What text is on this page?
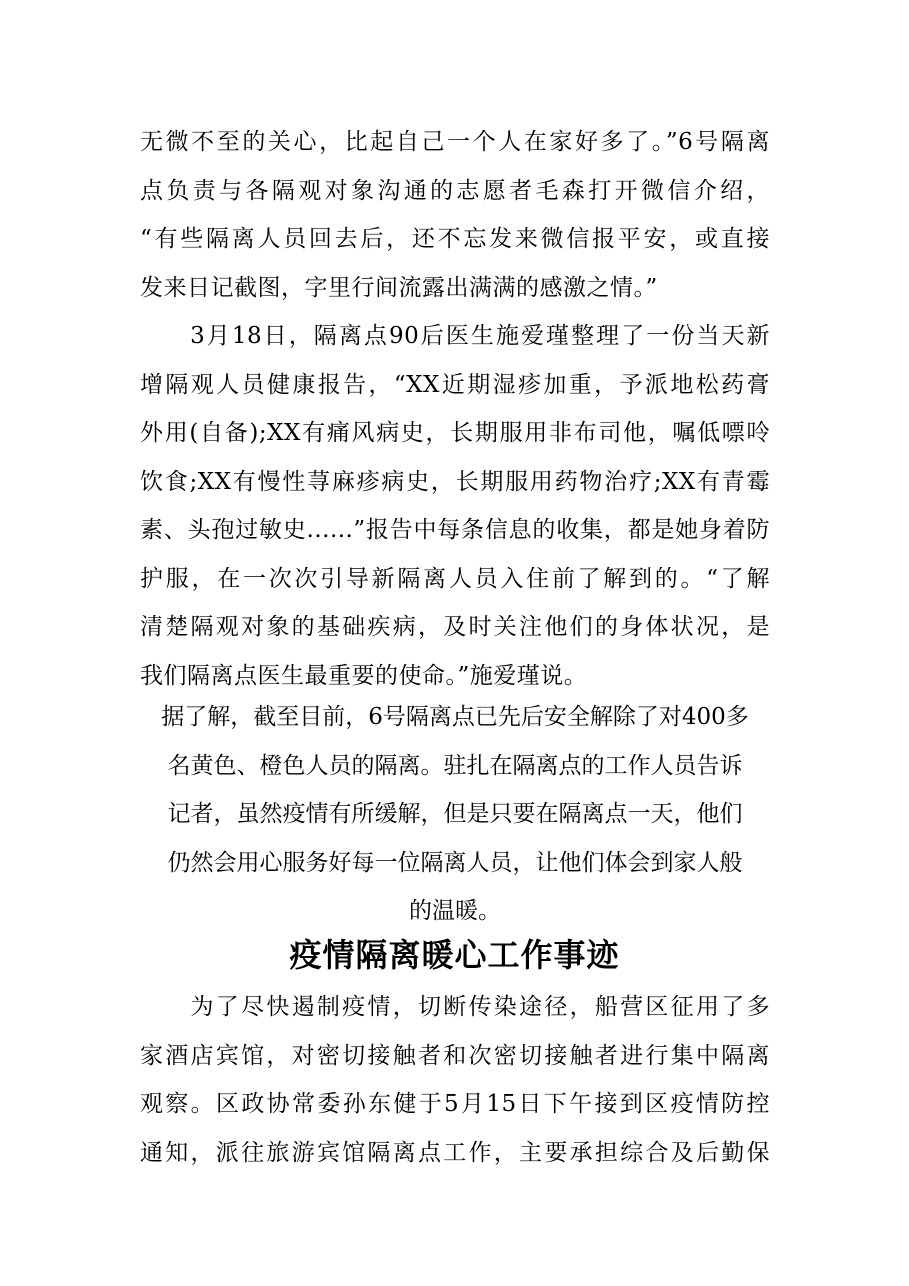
无微不至的关心，比起自己一个人在家好多了。”6号隔离
点负责与各隔观对象沟通的志愿者毛森打开微信介绍，
“有些隔离人员回去后，还不忘发来微信报平安，或直接
发来日记截图，字里行间流露出满满的感激之情。”
　　3月18日，隔离点90后医生施爱瑾整理了一份当天新
增隔观人员健康报告，“XX近期湿疹加重，予派地松药膏
外用(自备);XX有痛风病史，长期服用非布司他，嘱低嘌呤
饮食;XX有慢性荨麻疹病史，长期服用药物治疗;XX有青霉
素、头孢过敏史......”报告中每条信息的收集，都是她身着防
护服，在一次次引导新隔离人员入住前了解到的。“了解
清楚隔观对象的基础疾病，及时关注他们的身体状况，是
我们隔离点医生最重要的使命。”施爱瑾说。
据了解，截至目前，6号隔离点已先后安全解除了对400多
名黄色、橙色人员的隔离。驻扎在隔离点的工作人员告诉
记者，虽然疫情有所缓解，但是只要在隔离点一天，他们
仍然会用心服务好每一位隔离人员，让他们体会到家人般
的温暖。
疫情隔离暖心工作事迹
　　为了尽快遏制疫情，切断传染途径，船营区征用了多
家酒店宾馆，对密切接触者和次密切接触者进行集中隔离
观察。区政协常委孙东健于5月15日下午接到区疫情防控
通知，派往旅游宾馆隔离点工作，主要承担综合及后勤保
